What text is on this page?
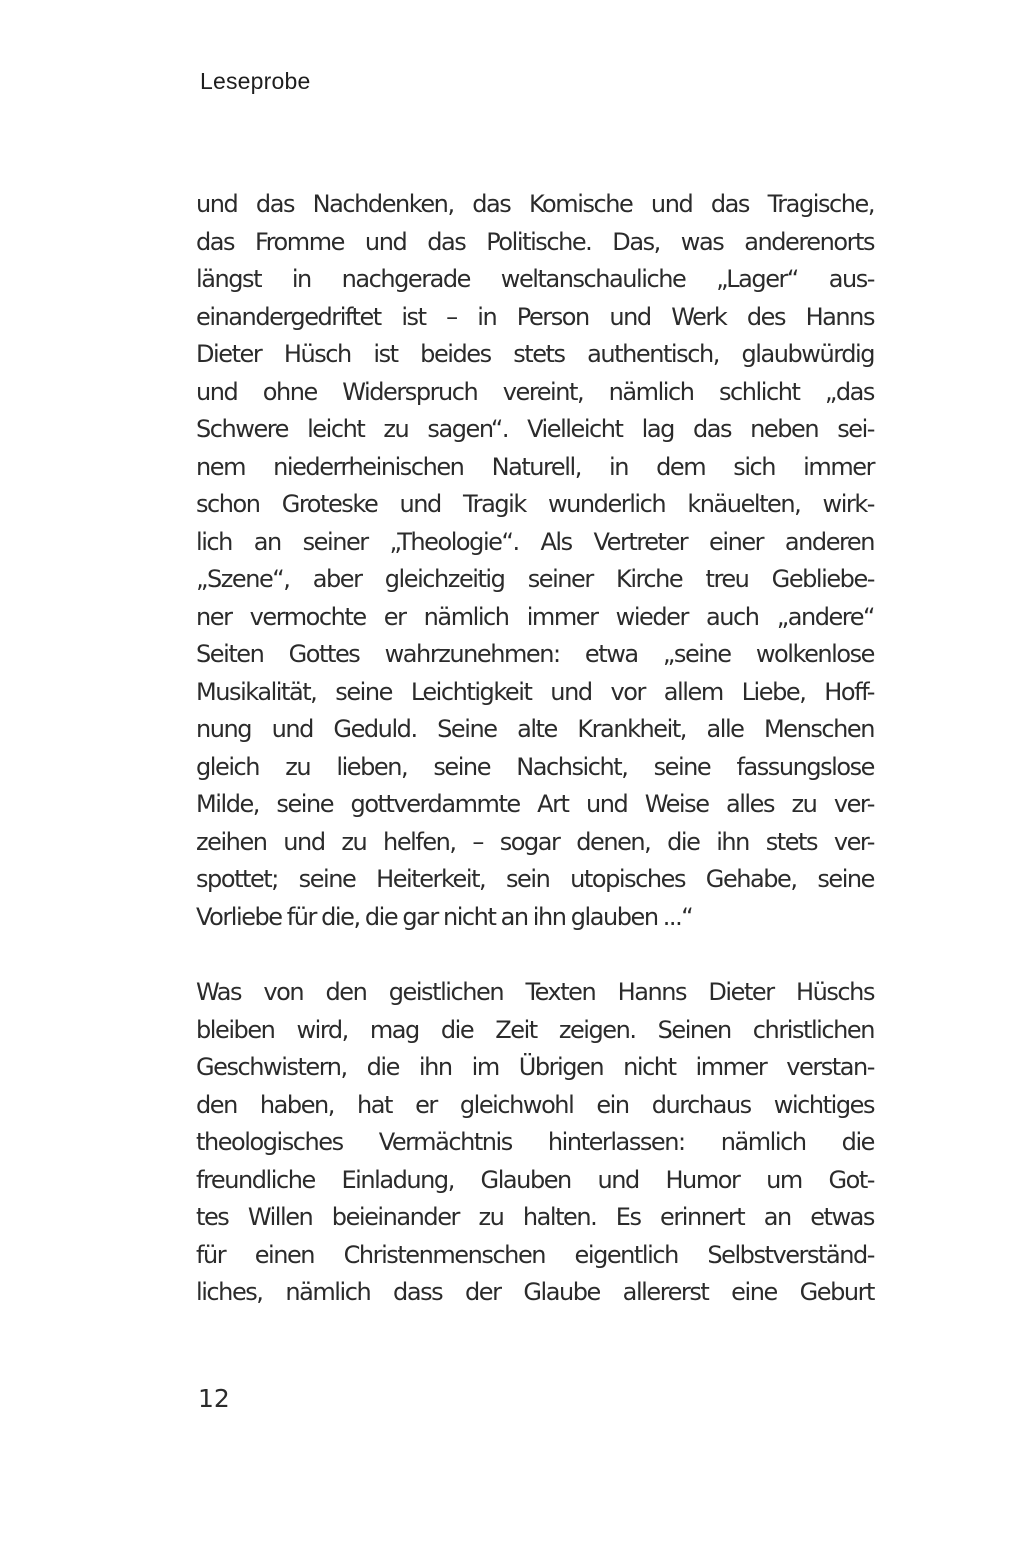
Leseprobe
und das Nachdenken, das Komische und das Tragische,
das Fromme und das Politische. Das, was anderenorts
längst in nachgerade weltanschauliche „Lager“ aus-
einandergedriftet ist – in Person und Werk des Hanns
Dieter Hüsch ist beides stets authentisch, glaubwürdig
und ohne Widerspruch vereint, nämlich schlicht „das
Schwere leicht zu sagen“. Vielleicht lag das neben sei-
nem niederrheinischen Naturell, in dem sich immer
schon Groteske und Tragik wunderlich knäuelten, wirk-
lich an seiner „Theologie“. Als Vertreter einer anderen
„Szene“, aber gleichzeitig seiner Kirche treu Gebliebe-
ner vermochte er nämlich immer wieder auch „andere“
Seiten Gottes wahrzunehmen: etwa „seine wolkenlose
Musikalität, seine Leichtigkeit und vor allem Liebe, Hoff-
nung und Geduld. Seine alte Krankheit, alle Menschen
gleich zu lieben, seine Nachsicht, seine fassungslose
Milde, seine gottverdammte Art und Weise alles zu ver-
zeihen und zu helfen, – sogar denen, die ihn stets ver-
spottet; seine Heiterkeit, sein utopisches Gehabe, seine
Vorliebe für die, die gar nicht an ihn glauben ...“
Was von den geistlichen Texten Hanns Dieter Hüschs
bleiben wird, mag die Zeit zeigen. Seinen christlichen
Geschwistern, die ihn im Übrigen nicht immer verstan-
den haben, hat er gleichwohl ein durchaus wichtiges
theologisches Vermächtnis hinterlassen: nämlich die
freundliche Einladung, Glauben und Humor um Got-
tes Willen beieinander zu halten. Es erinnert an etwas
für einen Christenmenschen eigentlich Selbstverständ-
liches, nämlich dass der Glaube allererst eine Geburt
12
